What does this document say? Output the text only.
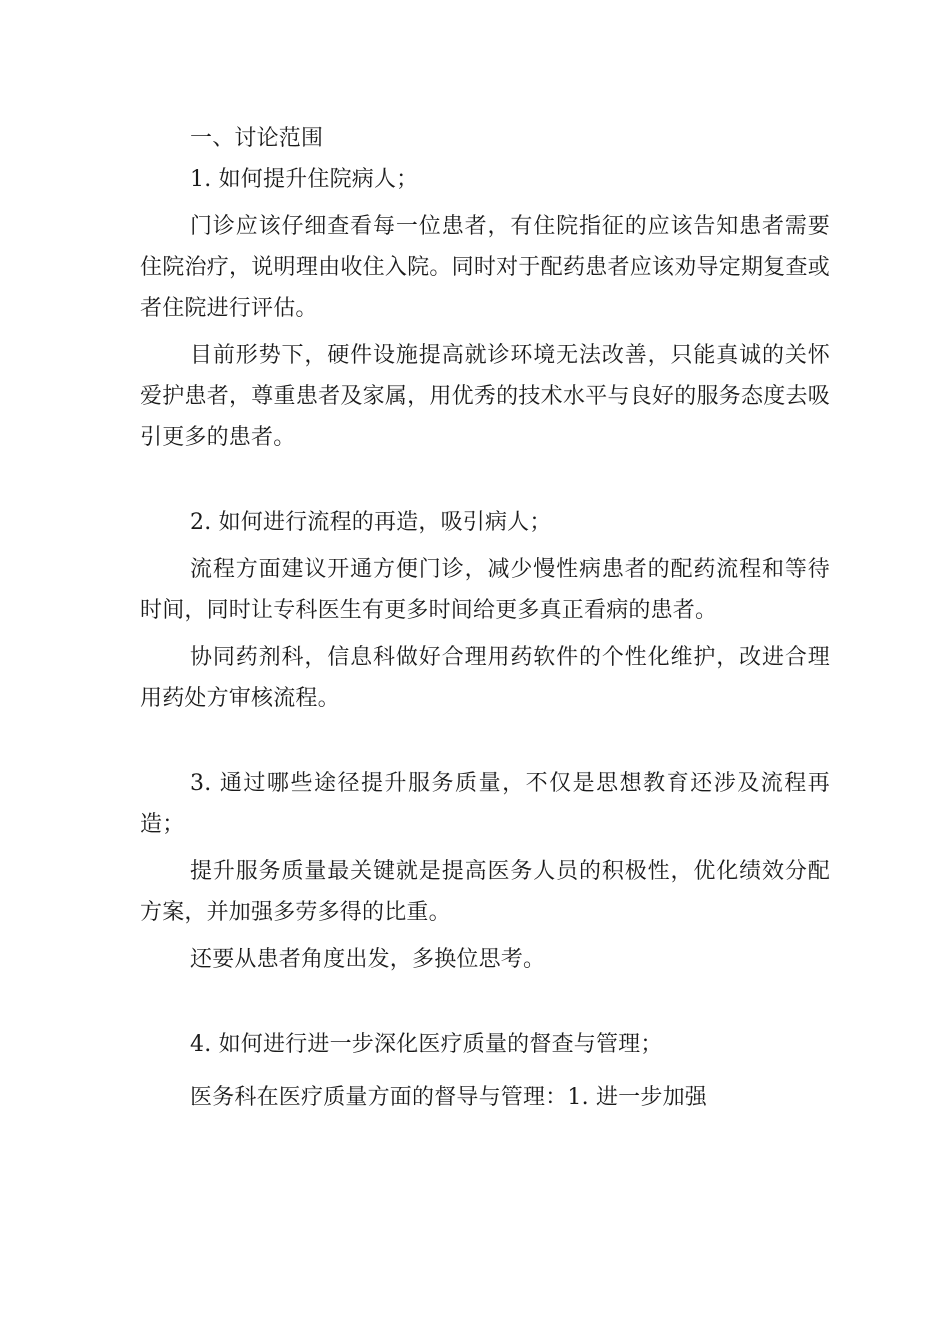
一、讨论范围

1. 如何提升住院病人；

门诊应该仔细查看每一位患者，有住院指征的应该告知患者需要住院治疗，说明理由收住入院。同时对于配药患者应该劝导定期复查或者住院进行评估。

目前形势下，硬件设施提高就诊环境无法改善，只能真诚的关怀爱护患者，尊重患者及家属，用优秀的技术水平与良好的服务态度去吸引更多的患者。

2. 如何进行流程的再造，吸引病人；

流程方面建议开通方便门诊，减少慢性病患者的配药流程和等待时间，同时让专科医生有更多时间给更多真正看病的患者。

协同药剂科，信息科做好合理用药软件的个性化维护，改进合理用药处方审核流程。

3. 通过哪些途径提升服务质量，不仅是思想教育还涉及流程再造；

提升服务质量最关键就是提高医务人员的积极性，优化绩效分配方案，并加强多劳多得的比重。

还要从患者角度出发，多换位思考。

4. 如何进行进一步深化医疗质量的督查与管理；

医务科在医疗质量方面的督导与管理：1. 进一步加强
